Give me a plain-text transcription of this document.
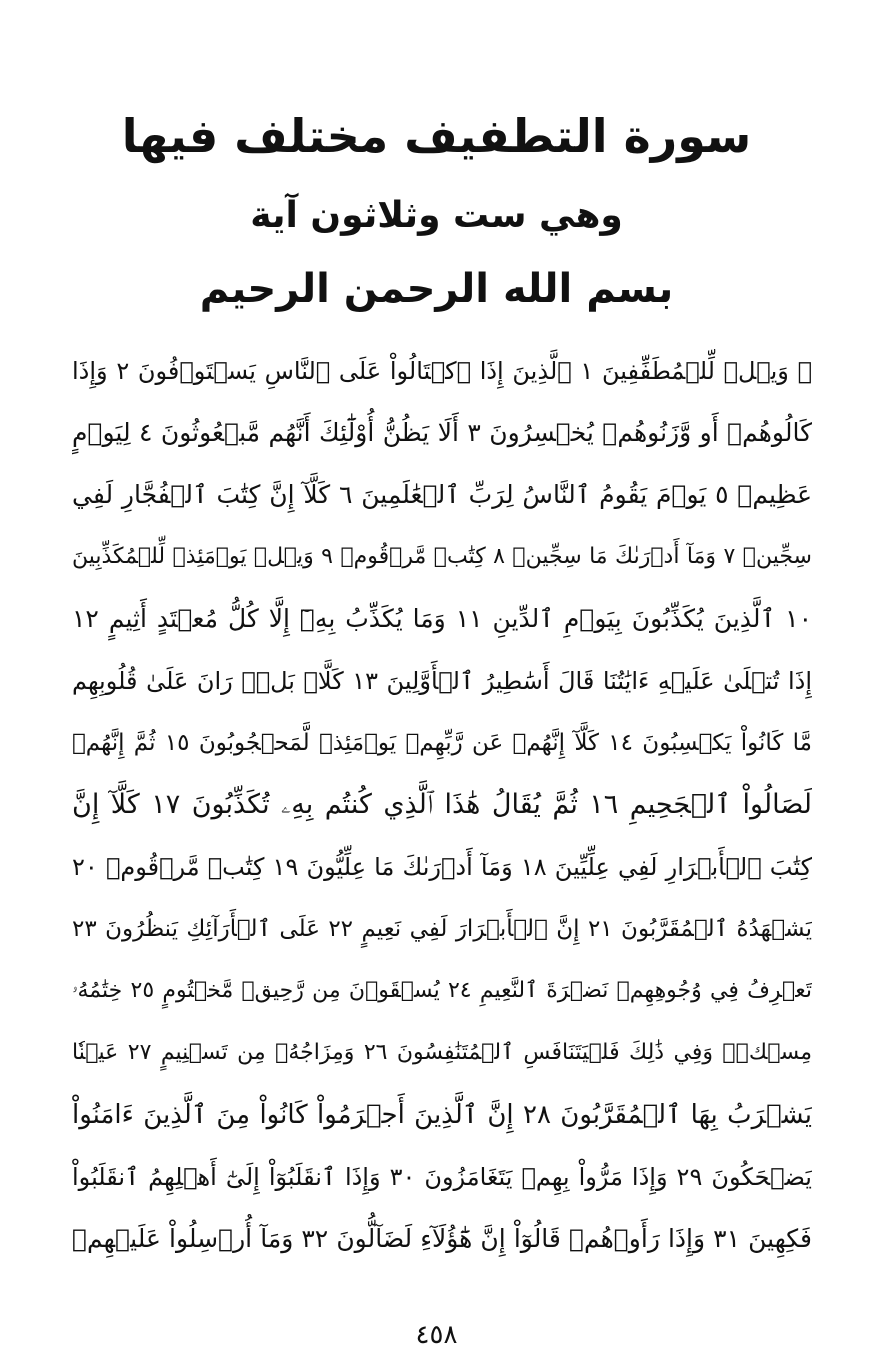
سورة التطفيف مختلف فيها
وهي ست وثلاثون آية
بسم الله الرحمن الرحيم
﴿ وَيۡلٞ لِّلۡمُطَفِّفِينَ ١ ٱلَّذِينَ إِذَا ٱكۡتَالُواْ عَلَى ٱلنَّاسِ يَسۡتَوۡفُونَ ٢ وَإِذَا
كَالُوهُمۡ أَو وَّزَنُوهُمۡ يُخۡسِرُونَ ٣ أَلَا يَظُنُّ أُوْلَٰٓئِكَ أَنَّهُم مَّبۡعُوثُونَ ٤ لِيَوۡمٍ
عَظِيمٖ ٥ يَوۡمَ يَقُومُ ٱلنَّاسُ لِرَبِّ ٱلۡعَٰلَمِينَ ٦ كَلَّآ إِنَّ كِتَٰبَ ٱلۡفُجَّارِ لَفِي
سِجِّينٖ ٧ وَمَآ أَدۡرَىٰكَ مَا سِجِّينٞ ٨ كِتَٰبٞ مَّرۡقُومٞ ٩ وَيۡلٞ يَوۡمَئِذٖ لِّلۡمُكَذِّبِينَ
١٠ ٱلَّذِينَ يُكَذِّبُونَ بِيَوۡمِ ٱلدِّينِ ١١ وَمَا يُكَذِّبُ بِهِۦٓ إِلَّا كُلُّ مُعۡتَدٍ أَثِيمٍ ١٢
إِذَا تُتۡلَىٰ عَلَيۡهِ ءَايَٰتُنَا قَالَ أَسَٰطِيرُ ٱلۡأَوَّلِينَ ١٣ كَلَّاۖ بَلۡۜ رَانَ عَلَىٰ قُلُوبِهِم
مَّا كَانُواْ يَكۡسِبُونَ ١٤ كَلَّآ إِنَّهُمۡ عَن رَّبِّهِمۡ يَوۡمَئِذٖ لَّمَحۡجُوبُونَ ١٥ ثُمَّ إِنَّهُمۡ
لَصَالُواْ ٱلۡجَحِيمِ ١٦ ثُمَّ يُقَالُ هَٰذَا ٱلَّذِي كُنتُم بِهِۦ تُكَذِّبُونَ ١٧ كَلَّآ إِنَّ
كِتَٰبَ ٱلۡأَبۡرَارِ لَفِي عِلِّيِّينَ ١٨ وَمَآ أَدۡرَىٰكَ مَا عِلِّيُّونَ ١٩ كِتَٰبٞ مَّرۡقُومٞ ٢٠
يَشۡهَدُهُ ٱلۡمُقَرَّبُونَ ٢١ إِنَّ ٱلۡأَبۡرَارَ لَفِي نَعِيمٍ ٢٢ عَلَى ٱلۡأَرَآئِكِ يَنظُرُونَ ٢٣
تَعۡرِفُ فِي وُجُوهِهِمۡ نَضۡرَةَ ٱلنَّعِيمِ ٢٤ يُسۡقَوۡنَ مِن رَّحِيقٖ مَّخۡتُومٍ ٢٥ خِتَٰمُهُۥ
مِسۡكٞۚ وَفِي ذَٰلِكَ فَلۡيَتَنَافَسِ ٱلۡمُتَنَٰفِسُونَ ٢٦ وَمِزَاجُهُۥ مِن تَسۡنِيمٍ ٢٧ عَيۡنٗا
يَشۡرَبُ بِهَا ٱلۡمُقَرَّبُونَ ٢٨ إِنَّ ٱلَّذِينَ أَجۡرَمُواْ كَانُواْ مِنَ ٱلَّذِينَ ءَامَنُواْ
يَضۡحَكُونَ ٢٩ وَإِذَا مَرُّواْ بِهِمۡ يَتَغَامَزُونَ ٣٠ وَإِذَا ٱنقَلَبُوٓاْ إِلَىٰٓ أَهۡلِهِمُ ٱنقَلَبُواْ
فَكِهِينَ ٣١ وَإِذَا رَأَوۡهُمۡ قَالُوٓاْ إِنَّ هَٰٓؤُلَآءِ لَضَآلُّونَ ٣٢ وَمَآ أُرۡسِلُواْ عَلَيۡهِمۡ
٤٥٨
